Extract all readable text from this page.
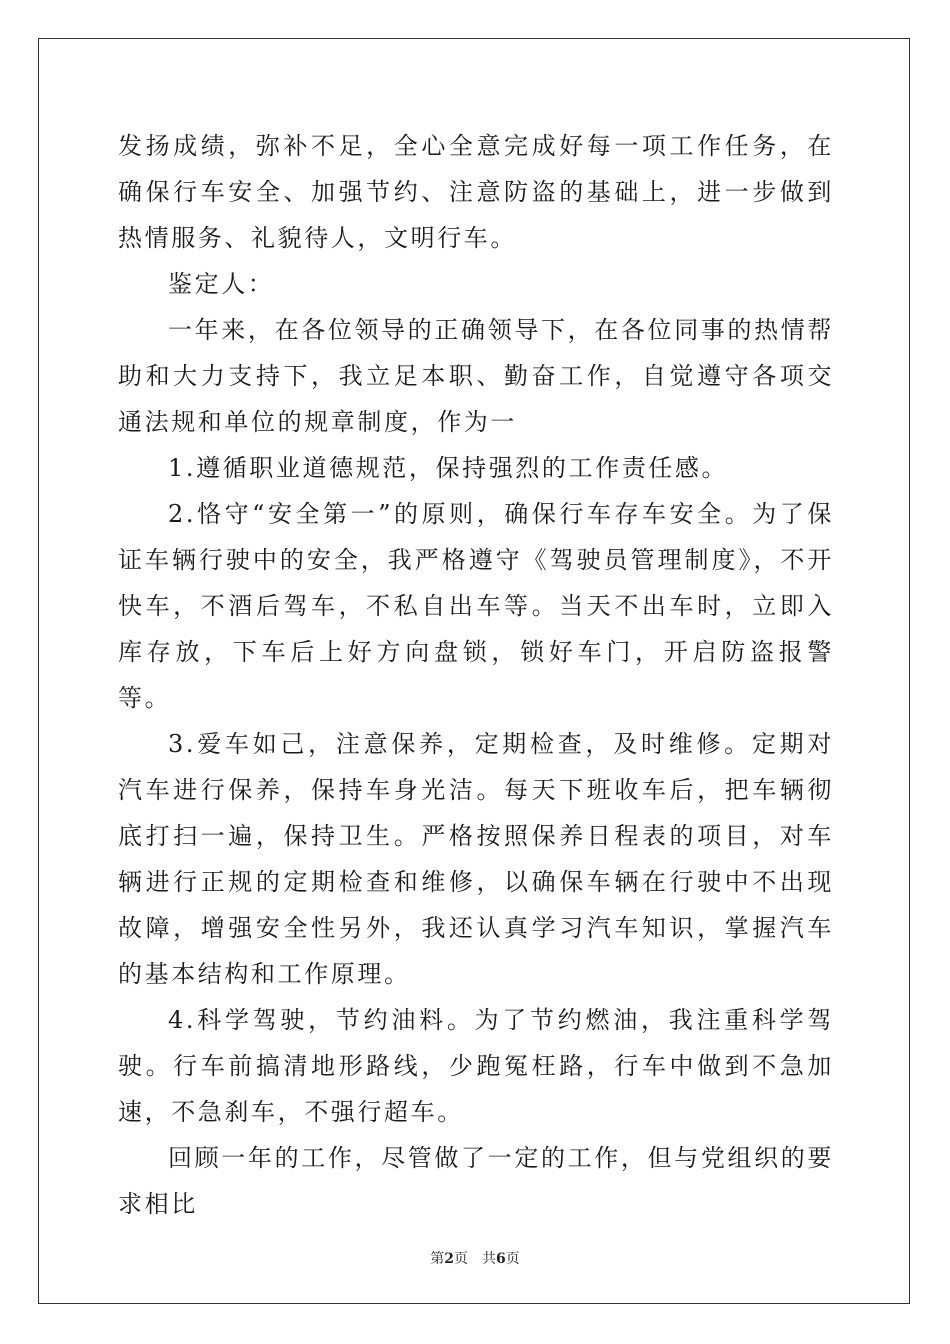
发扬成绩，弥补不足，全心全意完成好每一项工作任务，在确保行车安全、加强节约、注意防盗的基础上，进一步做到热情服务、礼貌待人，文明行车。

鉴定人：

一年来，在各位领导的正确领导下，在各位同事的热情帮助和大力支持下，我立足本职、勤奋工作，自觉遵守各项交通法规和单位的规章制度，作为一

1.遵循职业道德规范，保持强烈的工作责任感。

2.恪守“安全第一”的原则，确保行车存车安全。为了保证车辆行驶中的安全，我严格遵守《驾驶员管理制度》，不开快车，不酒后驾车，不私自出车等。当天不出车时，立即入库存放，下车后上好方向盘锁，锁好车门，开启防盗报警等。

3.爱车如己，注意保养，定期检查，及时维修。定期对汽车进行保养，保持车身光洁。每天下班收车后，把车辆彻底打扫一遍，保持卫生。严格按照保养日程表的项目，对车辆进行正规的定期检查和维修，以确保车辆在行驶中不出现故障，增强安全性另外，我还认真学习汽车知识，掌握汽车的基本结构和工作原理。

4.科学驾驶，节约油料。为了节约燃油，我注重科学驾驶。行车前搞清地形路线，少跑冤枉路，行车中做到不急加速，不急刹车，不强行超车。

回顾一年的工作，尽管做了一定的工作，但与党组织的要求相比

第2页 共6页
